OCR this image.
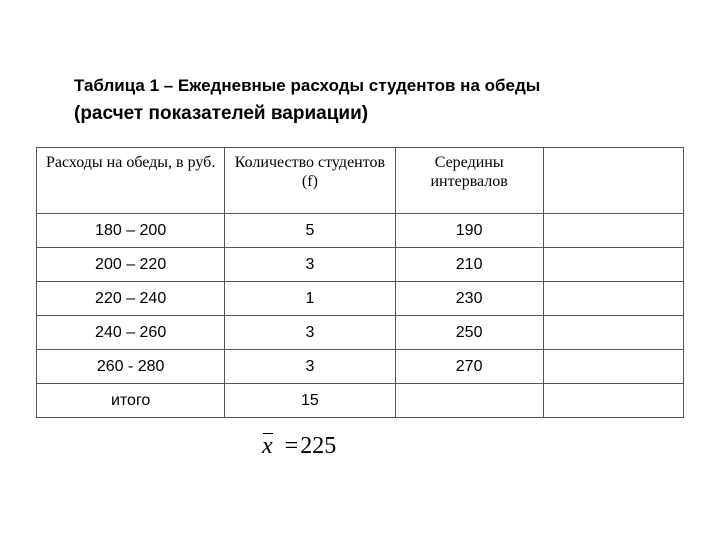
Таблица 1 – Ежедневные расходы студентов на обеды
(расчет показателей вариации)
Расходы на обеды, в руб.	Количество студентов (f)	Середины интервалов	
180 – 200	5	190	
200 – 220	3	210	
220 – 240	1	230	
240 – 260	3	250	
260 - 280	3	270	
итого	15		
x =225
